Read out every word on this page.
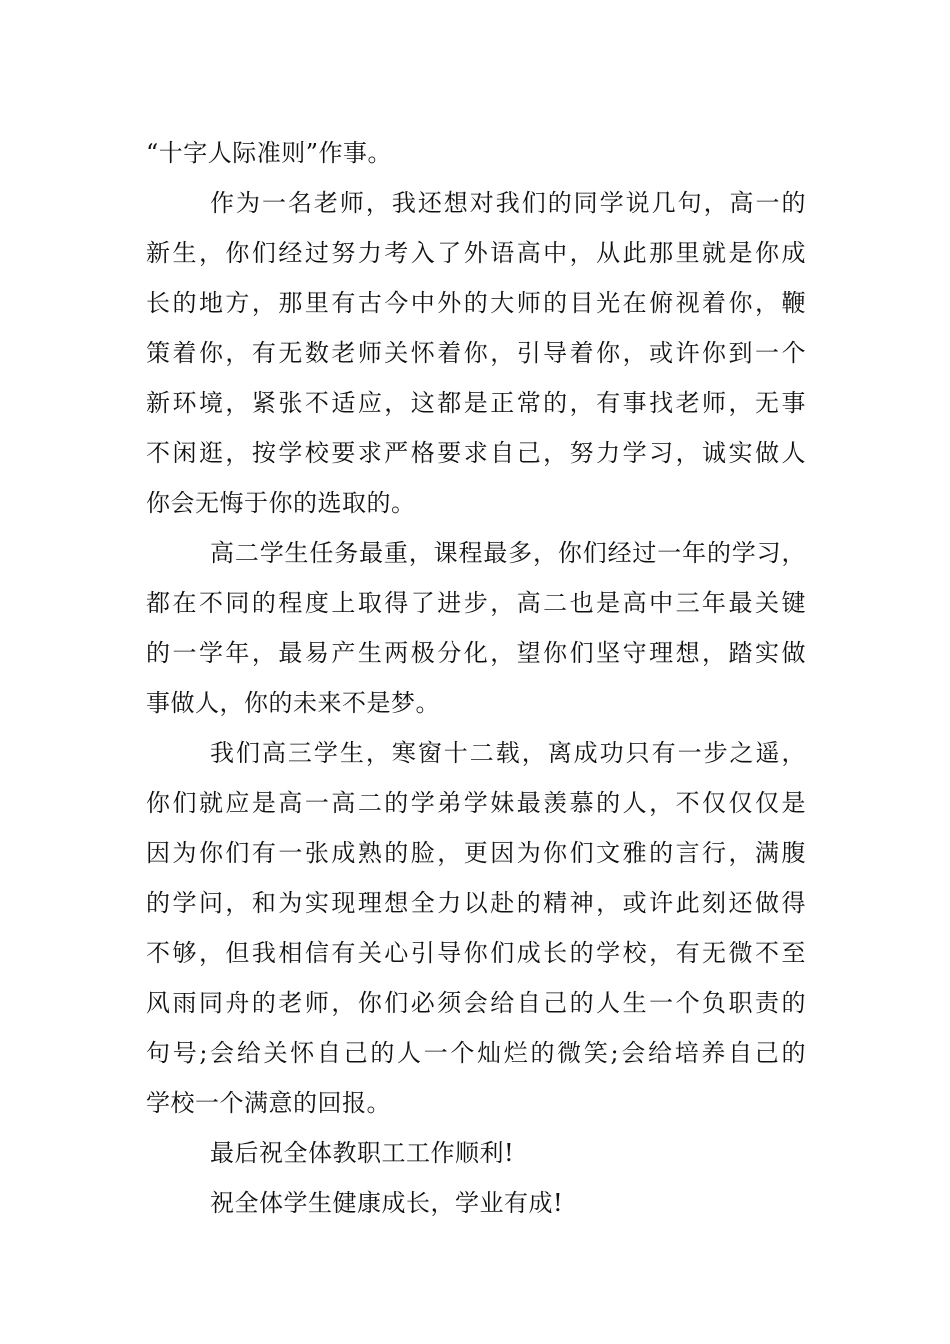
“十字人际准则”作事。
作为一名老师，我还想对我们的同学说几句，高一的
新生，你们经过努力考入了外语高中，从此那里就是你成
长的地方，那里有古今中外的大师的目光在俯视着你，鞭
策着你，有无数老师关怀着你，引导着你，或许你到一个
新环境，紧张不适应，这都是正常的，有事找老师，无事
不闲逛，按学校要求严格要求自己，努力学习，诚实做人
你会无悔于你的选取的。
高二学生任务最重，课程最多，你们经过一年的学习，
都在不同的程度上取得了进步，高二也是高中三年最关键
的一学年，最易产生两极分化，望你们坚守理想，踏实做
事做人，你的未来不是梦。
我们高三学生，寒窗十二载，离成功只有一步之遥，
你们就应是高一高二的学弟学妹最羡慕的人，不仅仅仅是
因为你们有一张成熟的脸，更因为你们文雅的言行，满腹
的学问，和为实现理想全力以赴的精神，或许此刻还做得
不够，但我相信有关心引导你们成长的学校，有无微不至
风雨同舟的老师，你们必须会给自己的人生一个负职责的
句号;会给关怀自己的人一个灿烂的微笑;会给培养自己的
学校一个满意的回报。
最后祝全体教职工工作顺利!
祝全体学生健康成长，学业有成!
